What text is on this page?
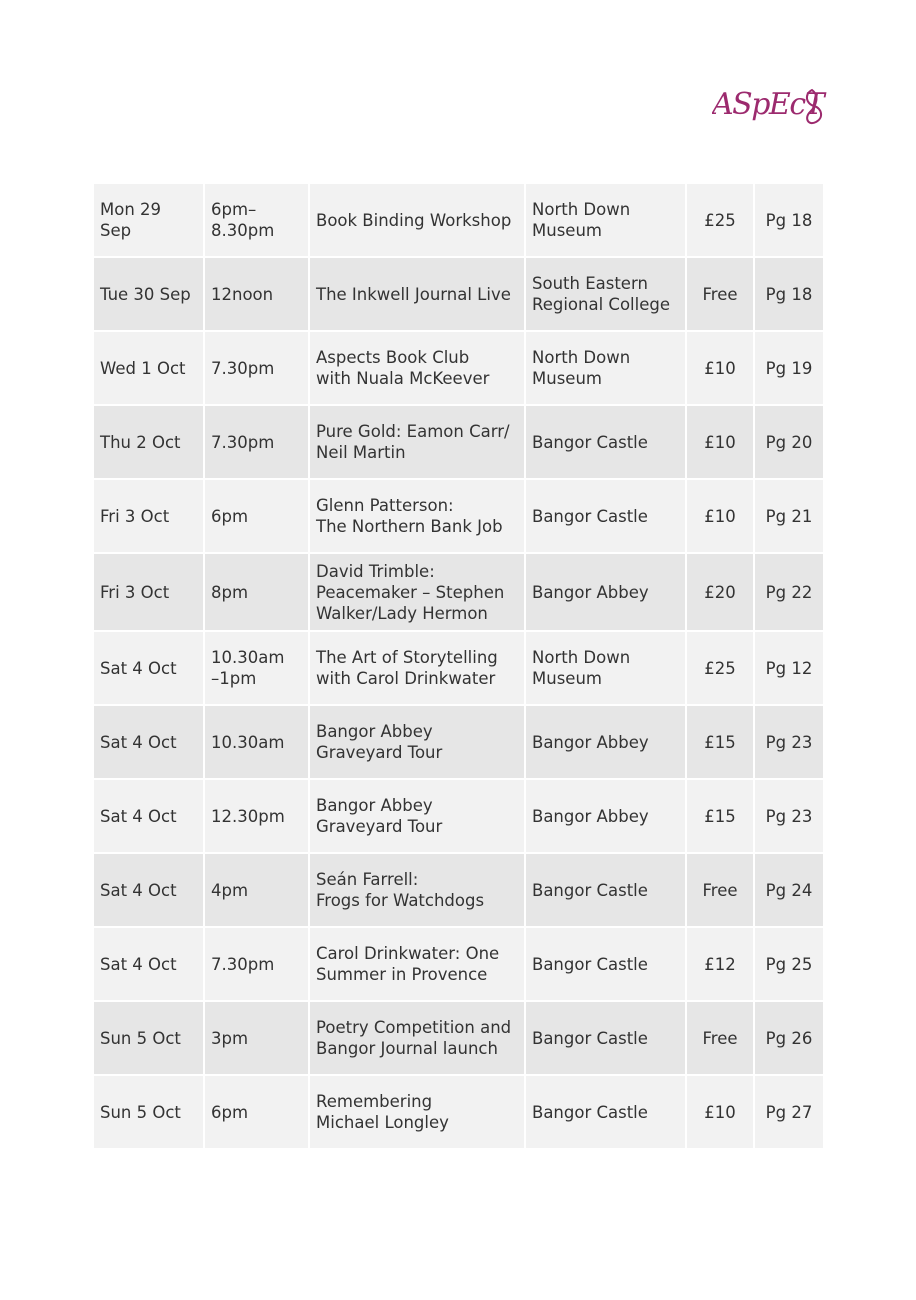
ASpEcT
Mon 29 Sep	6pm–
8.30pm	Book Binding Workshop	North Down
Museum	£25	Pg 18
Tue 30 Sep	12noon	The Inkwell Journal Live	South Eastern
Regional College	Free	Pg 18
Wed 1 Oct	7.30pm	Aspects Book Club
with Nuala McKeever	North Down
Museum	£10	Pg 19
Thu 2 Oct	7.30pm	Pure Gold: Eamon Carr/
Neil Martin	Bangor Castle	£10	Pg 20
Fri 3 Oct	6pm	Glenn Patterson:
The Northern Bank Job	Bangor Castle	£10	Pg 21
Fri 3 Oct	8pm	David Trimble:
Peacemaker – Stephen
Walker/Lady Hermon	Bangor Abbey	£20	Pg 22
Sat 4 Oct	10.30am
–1pm	The Art of Storytelling
with Carol Drinkwater	North Down
Museum	£25	Pg 12
Sat 4 Oct	10.30am	Bangor Abbey
Graveyard Tour	Bangor Abbey	£15	Pg 23
Sat 4 Oct	12.30pm	Bangor Abbey
Graveyard Tour	Bangor Abbey	£15	Pg 23
Sat 4 Oct	4pm	Seán Farrell:
Frogs for Watchdogs	Bangor Castle	Free	Pg 24
Sat 4 Oct	7.30pm	Carol Drinkwater: One
Summer in Provence	Bangor Castle	£12	Pg 25
Sun 5 Oct	3pm	Poetry Competition and
Bangor Journal launch	Bangor Castle	Free	Pg 26
Sun 5 Oct	6pm	Remembering
Michael Longley	Bangor Castle	£10	Pg 27
